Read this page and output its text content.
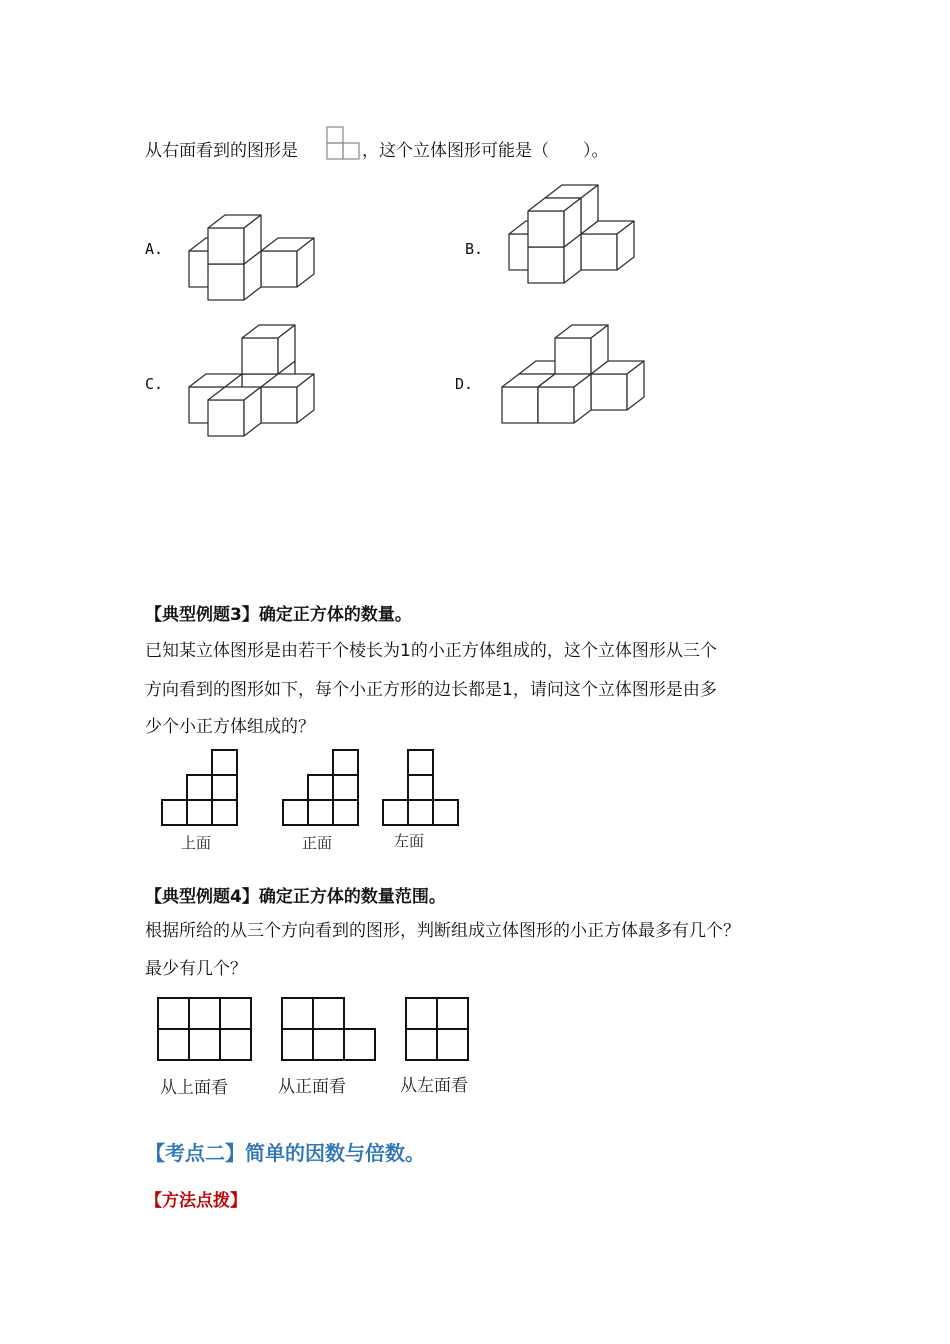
从右面看到的图形是	，这个立体图形可能是（　　）。
A.	B.
C.	D.
【典型例题3】确定正方体的数量。
已知某立体图形是由若干个棱长为1的小正方体组成的，这个立体图形从三个
方向看到的图形如下，每个小正方形的边长都是1，请问这个立体图形是由多
少个小正方体组成的？
上面	正面	左面
【典型例题4】确定正方体的数量范围。
根据所给的从三个方向看到的图形，判断组成立体图形的小正方体最多有几个？
最少有几个？
从上面看	从正面看	从左面看
【考点二】简单的因数与倍数。
【方法点拨】
